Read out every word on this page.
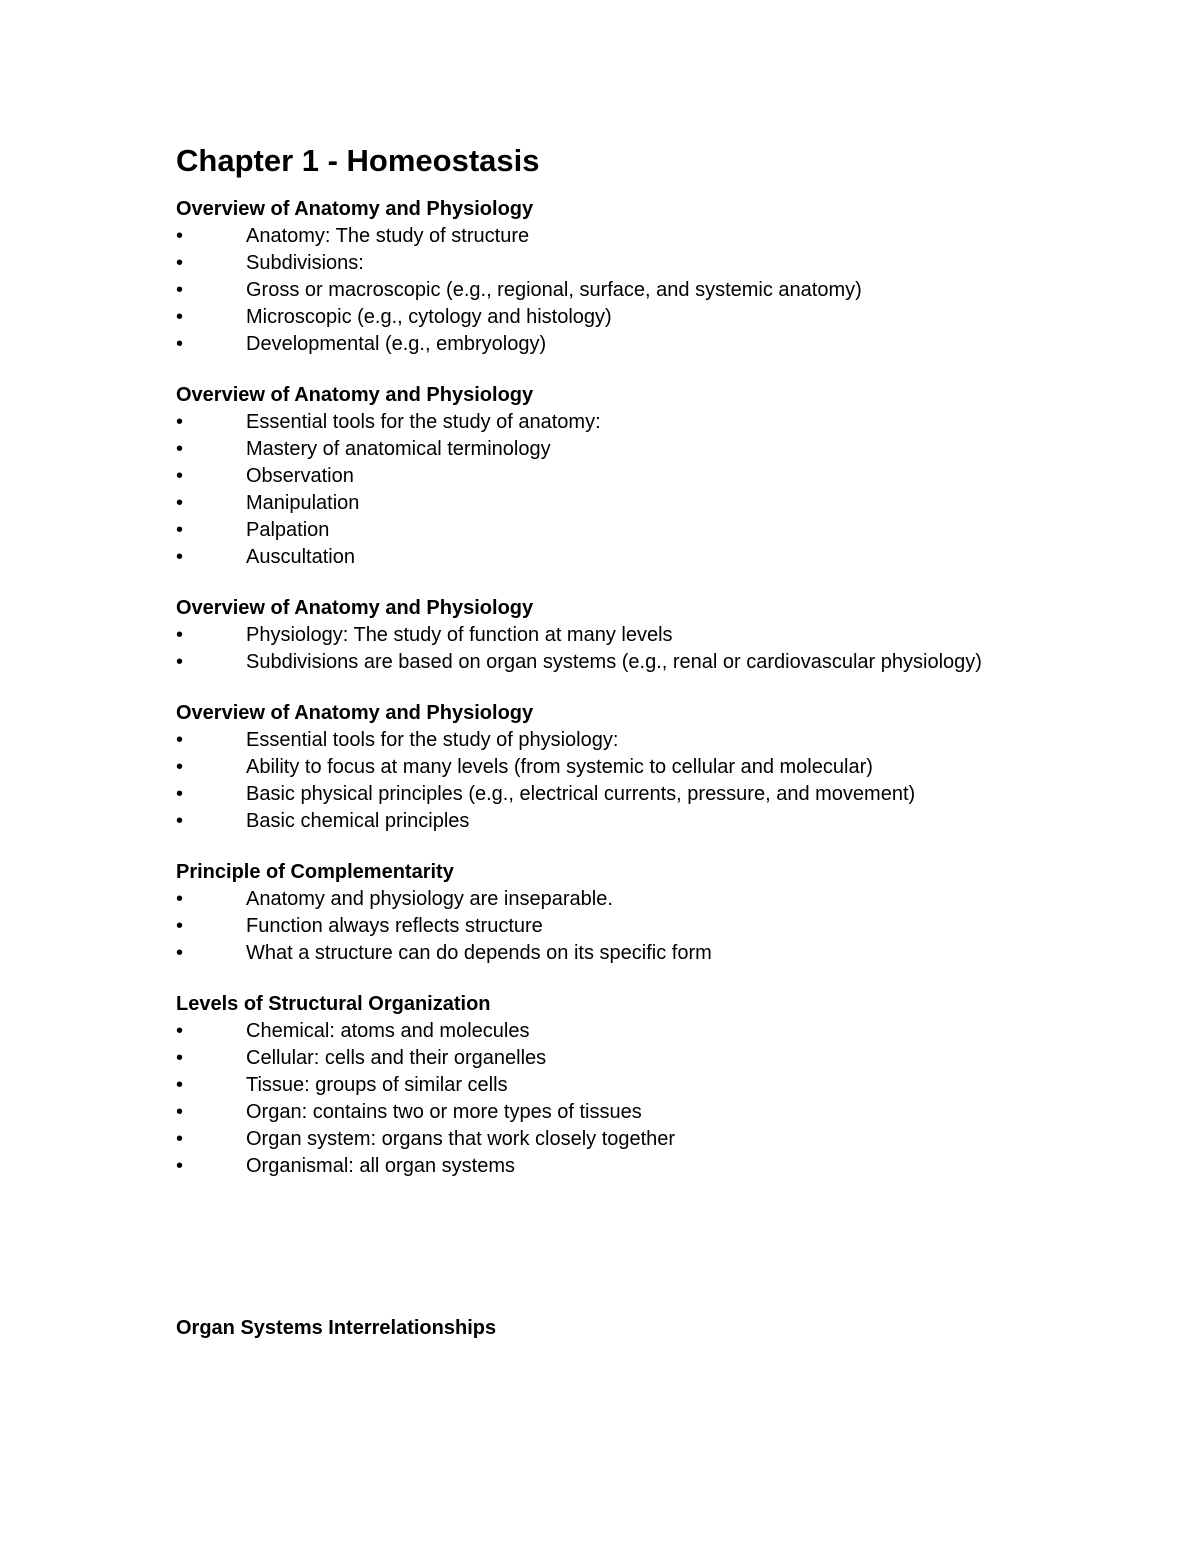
Chapter 1 - Homeostasis
Overview of Anatomy and Physiology
•	Anatomy: The study of structure
•	Subdivisions:
•	Gross or macroscopic (e.g., regional, surface, and systemic anatomy)
•	Microscopic (e.g., cytology and histology)
•	Developmental (e.g., embryology)
Overview of Anatomy and Physiology
•	Essential tools for the study of anatomy:
•	Mastery of anatomical terminology
•	Observation
•	Manipulation
•	Palpation
•	Auscultation
Overview of Anatomy and Physiology
•	Physiology: The study of function at many levels
•	Subdivisions are based on organ systems (e.g., renal or cardiovascular physiology)
Overview of Anatomy and Physiology
•	Essential tools for the study of physiology:
•	Ability to focus at many levels (from systemic to cellular and molecular)
•	Basic physical principles (e.g., electrical currents, pressure, and movement)
•	Basic chemical principles
Principle of Complementarity
•	Anatomy and physiology are inseparable.
•	Function always reflects structure
•	What a structure can do depends on its specific form
Levels of Structural Organization
•	Chemical: atoms and molecules
•	Cellular: cells and their organelles
•	Tissue: groups of similar cells
•	Organ: contains two or more types of tissues
•	Organ system: organs that work closely together
•	Organismal: all organ systems
Organ Systems Interrelationships
